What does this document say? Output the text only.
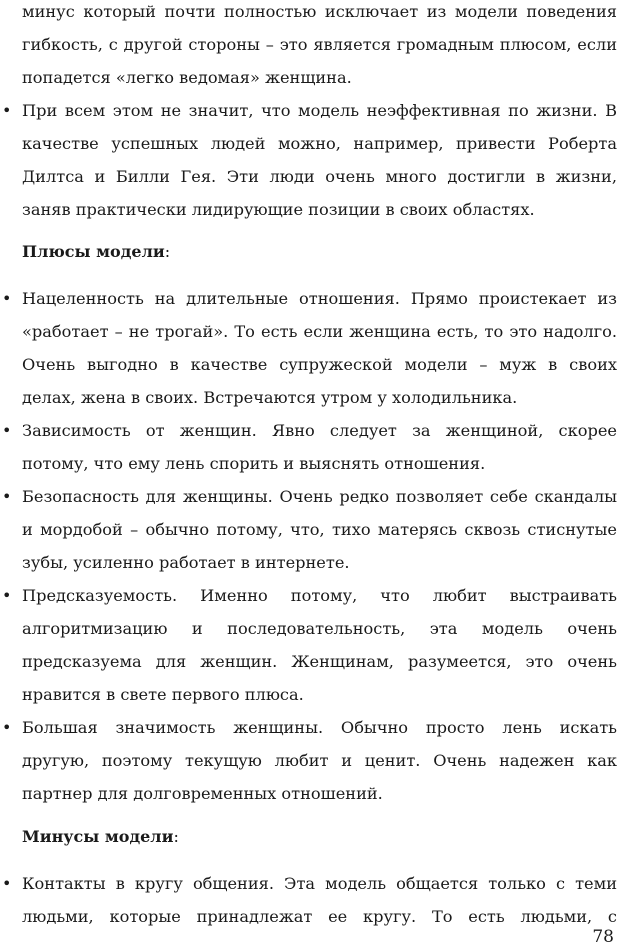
минус который почти полностью исключает из модели поведения
гибкость, с другой стороны – это является громадным плюсом, если
попадется «легко ведомая» женщина.
• При всем этом не значит, что модель неэффективная по жизни. В
качестве успешных людей можно, например, привести Роберта
Дилтса и Билли Гея. Эти люди очень много достигли в жизни,
заняв практически лидирующие позиции в своих областях.
Плюсы модели:
• Нацеленность на длительные отношения. Прямо проистекает из
«работает – не трогай». То есть если женщина есть, то это надолго.
Очень выгодно в качестве супружеской модели – муж в своих
делах, жена в своих. Встречаются утром у холодильника.
• Зависимость от женщин. Явно следует за женщиной, скорее
потому, что ему лень спорить и выяснять отношения.
• Безопасность для женщины. Очень редко позволяет себе скандалы
и мордобой – обычно потому, что, тихо матерясь сквозь стиснутые
зубы, усиленно работает в интернете.
• Предсказуемость. Именно потому, что любит выстраивать
алгоритмизацию и последовательность, эта модель очень
предсказуема для женщин. Женщинам, разумеется, это очень
нравится в свете первого плюса.
• Большая значимость женщины. Обычно просто лень искать
другую, поэтому текущую любит и ценит. Очень надежен как
партнер для долговременных отношений.
Минусы модели:
• Контакты в кругу общения. Эта модель общается только с теми
людьми, которые принадлежат ее кругу. То есть людьми, с
78
